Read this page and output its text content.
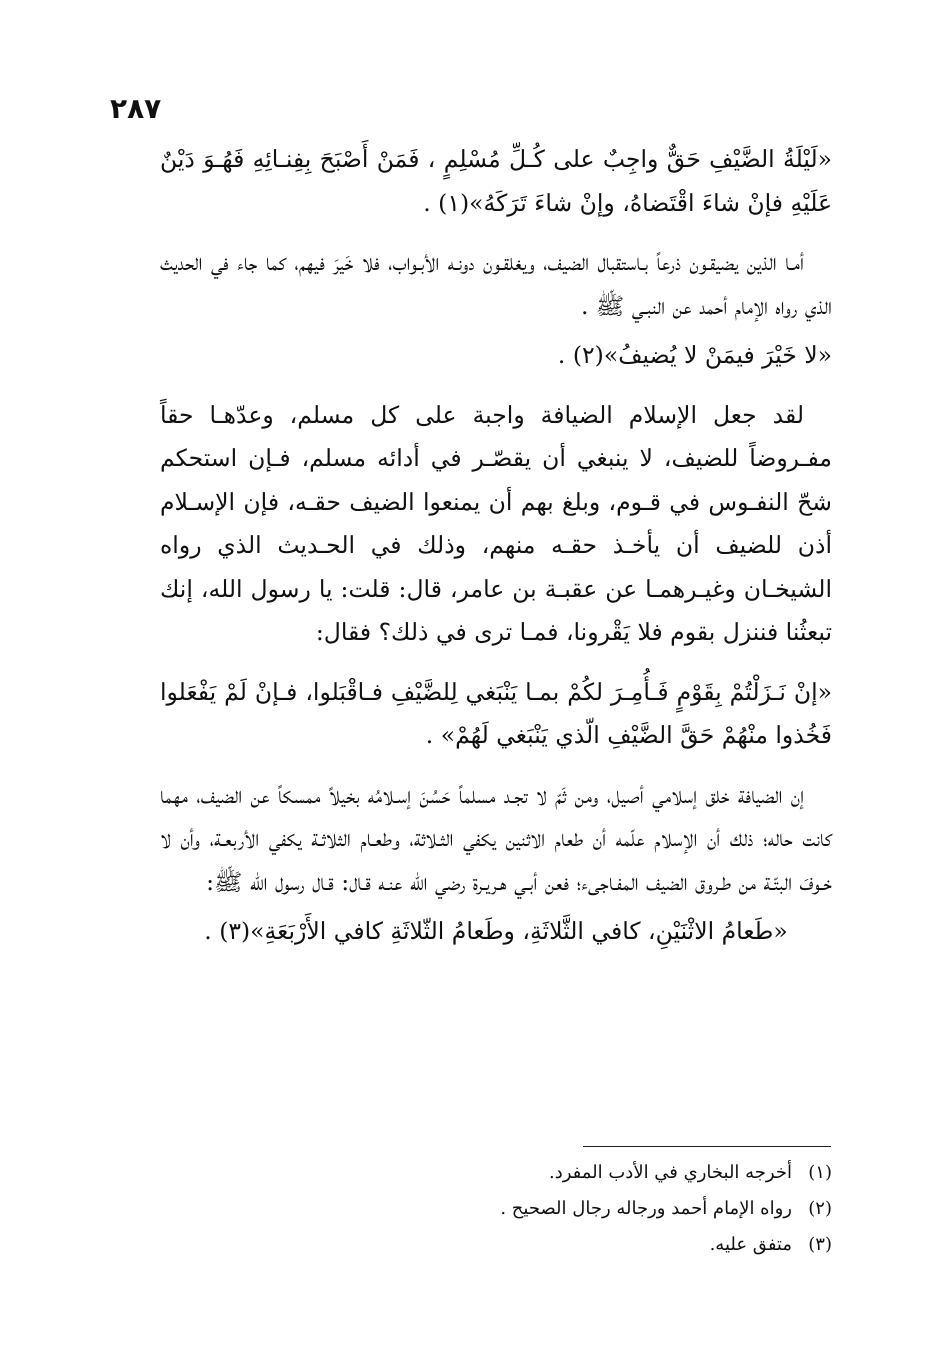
٢٨٧

«لَيْلَةُ الضَّيْفِ حَقٌّ واجِبٌ على كُـلِّ مُسْلِمٍ ، فَمَنْ أَصْبَحَ بِفِنـائِهِ فَهُـوَ دَيْنٌ عَلَيْهِ فإنْ شاءَ اقْتَضاهُ، وإنْ شاءَ تَرَكَهُ»(١) .

أمـا الذين يضيقـون ذرعاً بـاستقبال الضيف، ويغلقـون دونـه الأبـواب، فلا خَيرَ فيهم، كما جاء في الحديث الذي رواه الإمام أحمد عن النبـي ﷺ .

«لا خَيْرَ فيمَنْ لا يُضيفُ»(٢) .

لقد جعل الإسلام الضيافة واجبة على كل مسلم، وعدّهـا حقاً مفـروضاً للضيف، لا ينبغي أن يقصّـر في أدائه مسلم، فـإن استحكم شحّ النفـوس في قـوم، وبلغ بهم أن يمنعوا الضيف حقـه، فإن الإسـلام أذن للضيف أن يأخـذ حقـه منهم، وذلك في الحـديث الذي رواه الشيخـان وغيـرهمـا عن عقبـة بن عامر، قال: قلت: يا رسول الله، إنك تبعثُنا فننزل بقوم فلا يَقْرونا، فمـا ترى في ذلك؟ فقال:

«إنْ نَـزَلْتُمْ بِقَوْمٍ فَـأُمِـرَ لكُمْ بمـا يَنْبَغي لِلضَّيْفِ فـاقْبَلوا، فـإنْ لَمْ يَفْعَلوا فَخُذوا منْهُمْ حَقَّ الضَّيْفِ الّذي يَنْبَغي لَهُمْ» .

إن الضيافة خلق إسلامي أصيل، ومن ثَمّ لا تجـد مسلماً حَسُنَ إسـلامُه بخيلاً ممسكاً عن الضيف، مهما كانت حاله؛ ذلك أن الإسلام علّمه أن طعام الاثنين يكفي الثـلاثة، وطعـام الثلاثـة يكفي الأربعـة، وأن لا خـوفَ البتّـة من طـروق الضيف المفـاجىء؛ فعن أبـي هـريـرة رضي الله عنـه قـال: قـال رسول الله ﷺ:

«طَعامُ الاثْنَيْنِ، كافي الثَّلاثَةِ، وطَعامُ الثّلاثَةِ كافي الأَرْبَعَةِ»(٣) .

(١)أخرجه البخاري في الأدب المفرد.
(٢)رواه الإمام أحمد ورجاله رجال الصحيح .
(٣)متفق عليه.
